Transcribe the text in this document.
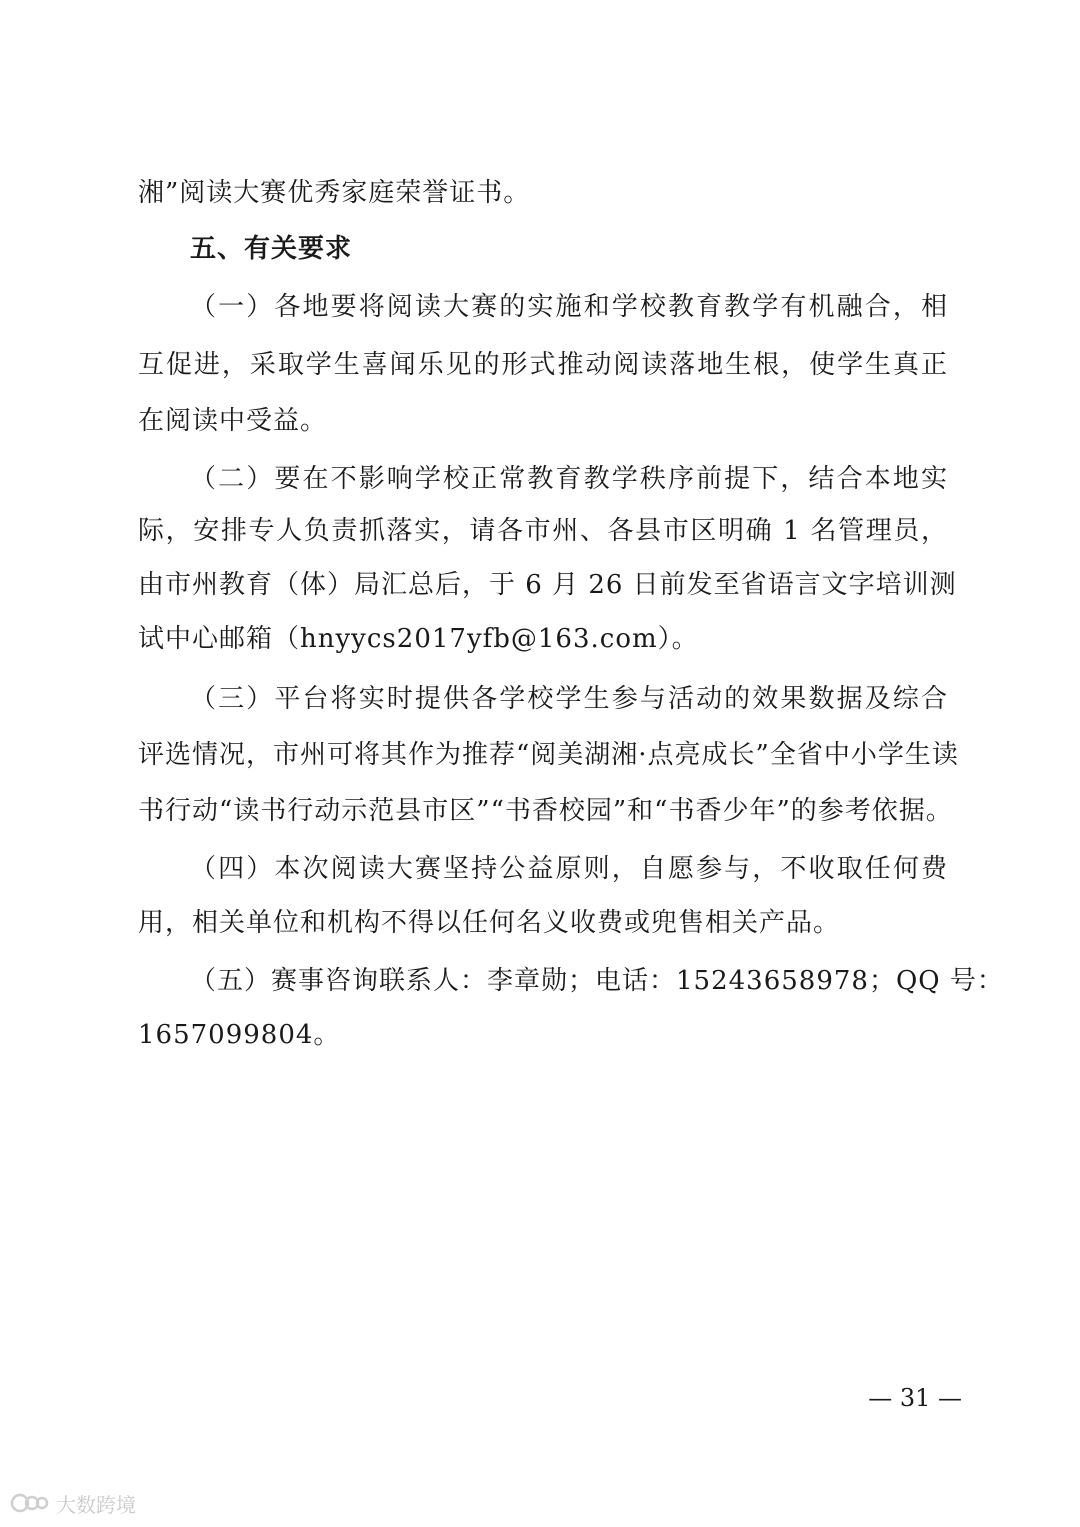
湘”阅读大赛优秀家庭荣誉证书。
五、有关要求
（一）各地要将阅读大赛的实施和学校教育教学有机融合，相
互促进，采取学生喜闻乐见的形式推动阅读落地生根，使学生真正
在阅读中受益。
（二）要在不影响学校正常教育教学秩序前提下，结合本地实
际，安排专人负责抓落实，请各市州、各县市区明确 1 名管理员，
由市州教育（体）局汇总后，于 6 月 26 日前发至省语言文字培训测
试中心邮箱（hnyycs2017yfb@163.com）。
（三）平台将实时提供各学校学生参与活动的效果数据及综合
评选情况，市州可将其作为推荐“阅美湖湘·点亮成长”全省中小学生读
书行动“读书行动示范县市区”“书香校园”和“书香少年”的参考依据。
（四）本次阅读大赛坚持公益原则，自愿参与，不收取任何费
用，相关单位和机构不得以任何名义收费或兜售相关产品。
（五）赛事咨询联系人：李章勋；电话：15243658978；QQ 号：
1657099804。
— 31 —
大数跨境
